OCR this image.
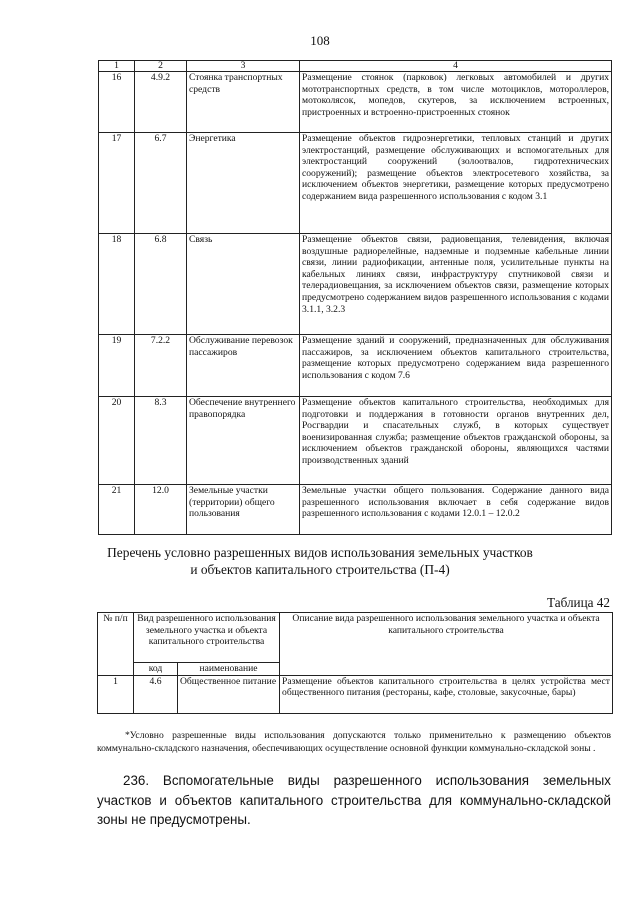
108
1	2	3	4
16	4.9.2	Стоянка транспортных средств	Размещение стоянок (парковок) легковых автомобилей и других мототранспортных средств, в том числе мотоциклов, мотороллеров, мотоколясок, мопедов, скутеров, за исключением встроенных, пристроенных и встроенно-пристроенных стоянок
17	6.7	Энергетика	Размещение объектов гидроэнергетики, тепловых станций и других электростанций, размещение обслуживающих и вспомогательных для электростанций сооружений (золоотвалов, гидротехнических сооружений); размещение объектов электросетевого хозяйства, за исключением объектов энергетики, размещение которых предусмотрено содержанием вида разрешенного использования с кодом 3.1
18	6.8	Связь	Размещение объектов связи, радиовещания, телевидения, включая воздушные радиорелейные, надземные и подземные кабельные линии связи, линии радиофикации, антенные поля, усилительные пункты на кабельных линиях связи, инфраструктуру спутниковой связи и телерадиовещания, за исключением объектов связи, размещение которых предусмотрено содержанием видов разрешенного использования с кодами 3.1.1, 3.2.3
19	7.2.2	Обслуживание перевозок пассажиров	Размещение зданий и сооружений, предназначенных для обслуживания пассажиров, за исключением объектов капитального строительства, размещение которых предусмотрено содержанием вида разрешенного использования с кодом 7.6
20	8.3	Обеспечение внутреннего правопорядка	Размещение объектов капитального строительства, необходимых для подготовки и поддержания в готовности органов внутренних дел, Росгвардии и спасательных служб, в которых существует военизированная служба; размещение объектов гражданской обороны, за исключением объектов гражданской обороны, являющихся частями производственных зданий
21	12.0	Земельные участки (территории) общего пользования	Земельные участки общего пользования. Содержание данного вида разрешенного использования включает в себя содержание видов разрешенного использования с кодами 12.0.1 – 12.0.2
Перечень условно разрешенных видов использования земельных участков
и объектов капитального строительства (П-4)
Таблица 42
№ п/п	Вид разрешенного использования земельного участка и объекта капитального строительства		Описание вида разрешенного использования земельного участка и объекта капитального строительства
	код	наименование	
1	4.6	Общественное питание	Размещение объектов капитального строительства в целях устройства мест общественного питания (рестораны, кафе, столовые, закусочные, бары)
*Условно разрешенные виды использования допускаются только применительно к размещению объектов коммунально-складского назначения, обеспечивающих осуществление основной функции коммунально-складской зоны .
236. Вспомогательные виды разрешенного использования земельных участков и объектов капитального строительства для коммунально-складской зоны не предусмотрены.
